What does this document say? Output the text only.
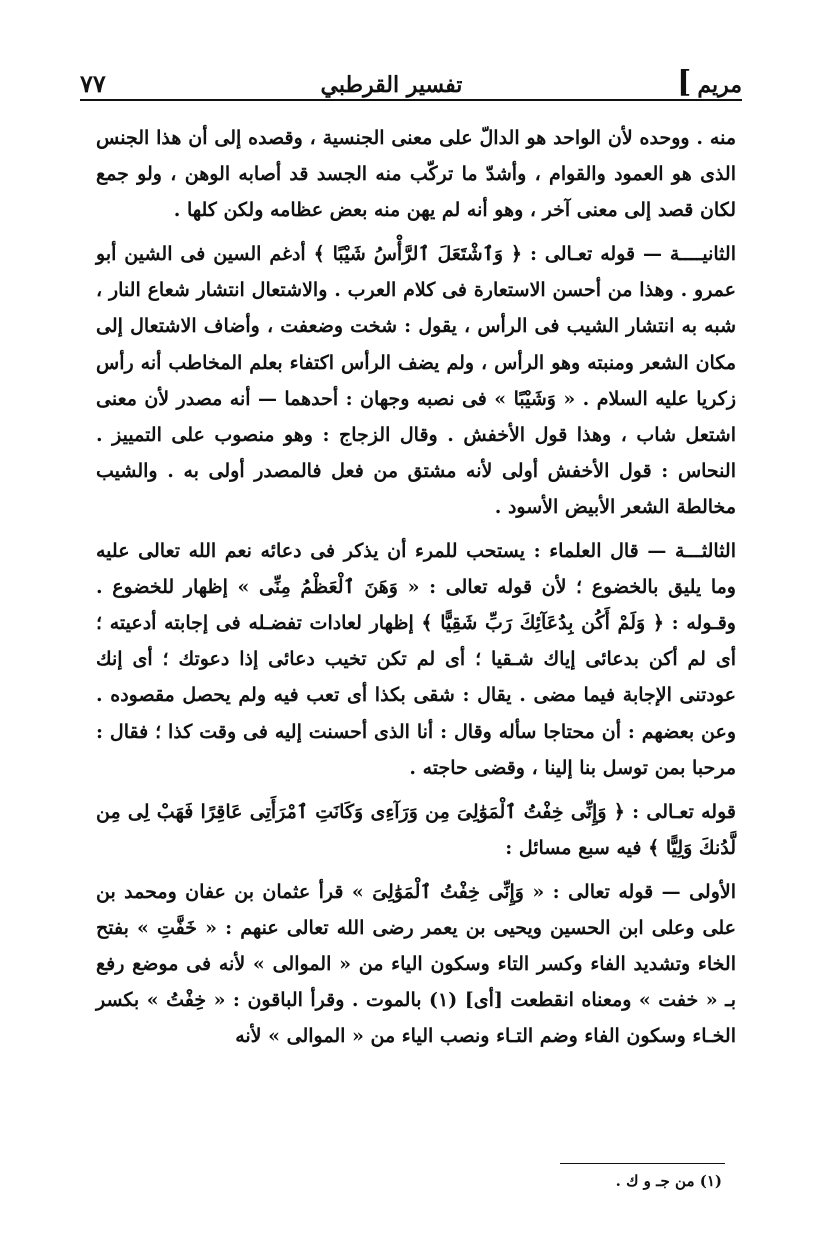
مريم
]
تفسير القرطبي
٧٧

منه . ووحده لأن الواحد هو الدالّ على معنى الجنسية ، وقصده إلى أن هذا الجنس الذى هو العمود والقوام ، وأشدّ ما تركّب منه الجسد قد أصابه الوهن ، ولو جمع لكان قصد إلى معنى آخر ، وهو أنه لم يهن منه بعض عظامه ولكن كلها .

الثانيــــة — قوله تعـالى : ﴿ وَٱشْتَعَلَ ٱلرَّأْسُ شَيْبًا ﴾ أدغم السين فى الشين أبو عمرو . وهذا من أحسن الاستعارة فى كلام العرب . والاشتعال انتشار شعاع النار ، شبه به انتشار الشيب فى الرأس ، يقول : شخت وضعفت ، وأضاف الاشتعال إلى مكان الشعر ومنبته وهو الرأس ، ولم يضف الرأس اكتفاء بعلم المخاطب أنه رأس زكريا عليه السلام . « وَشَيْبًا » فى نصبه وجهان : أحدهما — أنه مصدر لأن معنى اشتعل شاب ، وهذا قول الأخفش . وقال الزجاج : وهو منصوب على التمييز . النحاس : قول الأخفش أولى لأنه مشتق من فعل فالمصدر أولى به . والشيب مخالطة الشعر الأبيض الأسود .

الثالثـــة — قال العلماء : يستحب للمرء أن يذكر فى دعائه نعم الله تعالى عليه وما يليق بالخضوع ؛ لأن قوله تعالى : « وَهَنَ ٱلْعَظْمُ مِنِّى » إظهار للخضوع . وقـوله : ﴿ وَلَمْ أَكُن بِدُعَآئِكَ رَبِّ شَقِيًّا ﴾ إظهار لعادات تفضـله فى إجابته أدعيته ؛ أى لم أكن بدعائى إياك شـقيا ؛ أى لم تكن تخيب دعائى إذا دعوتك ؛ أى إنك عودتنى الإجابة فيما مضى . يقال : شقى بكذا أى تعب فيه ولم يحصل مقصوده . وعن بعضهم : أن محتاجا سأله وقال : أنا الذى أحسنت إليه فى وقت كذا ؛ فقال : مرحبا بمن توسل بنا إلينا ، وقضى حاجته .

قوله تعـالى : ﴿ وَإِنِّى خِفْتُ ٱلْمَوَٰلِىَ مِن وَرَآءِى وَكَانَتِ ٱمْرَأَتِى عَاقِرًا فَهَبْ لِى مِن لَّدُنكَ وَلِيًّا ﴾ فيه سبع مسائل :

الأولى — قوله تعالى : « وَإِنِّى خِفْتُ ٱلْمَوَٰلِىَ » قرأ عثمان بن عفان ومحمد بن على وعلى ابن الحسين ويحيى بن يعمر رضى الله تعالى عنهم : « خَفَّتِ » بفتح الخاء وتشديد الفاء وكسر التاء وسكون الياء من « الموالى » لأنه فى موضع رفع بـ « خفت » ومعناه انقطعت [أى] (١) بالموت . وقرأ الباقون : « خِفْتُ » بكسر الخـاء وسكون الفاء وضم التـاء ونصب الياء من « الموالى » لأنه

(١) من جـ و ك .
